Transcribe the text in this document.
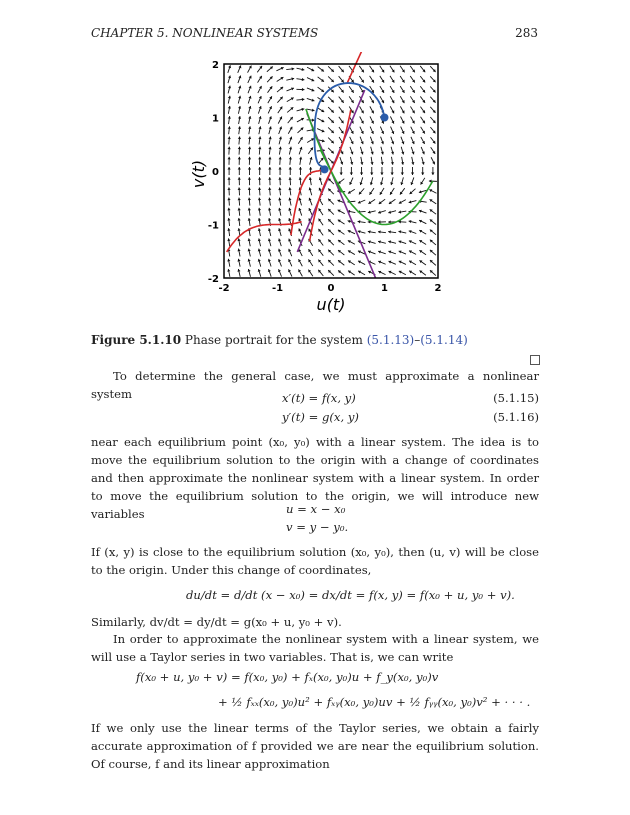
CHAPTER 5. NONLINEAR SYSTEMS	283
-2	-1	0	1	2
2
1
0
-1
-2
u(t)
v(t)
Figure 5.1.10 Phase portrait for the system (5.1.13)–(5.1.14)
To determine the general case, we must approximate a nonlinear system	x′(t) = f(x, y)	(5.1.15)
y′(t) = g(x, y)	(5.1.16)
near each equilibrium point (x₀, y₀) with a linear system. The idea is to move the equilibrium solution to the origin with a change of coordinates and then approximate the nonlinear system with a linear system. In order to move the equilibrium solution to the origin, we will introduce new variables	u = x − x₀
v = y − y₀.
If (x, y) is close to the equilibrium solution (x₀, y₀), then (u, v) will be close to the origin. Under this change of coordinates,
du/dt = d/dt (x − x₀) = dx/dt = f(x, y) = f(x₀ + u, y₀ + v).
Similarly, dv/dt = dy/dt = g(x₀ + u, y₀ + v).
In order to approximate the nonlinear system with a linear system, we will use a Taylor series in two variables. That is, we can write
f(x₀ + u, y₀ + v) = f(x₀, y₀) + fₓ(x₀, y₀)u + f_y(x₀, y₀)v
+ ½ fₓₓ(x₀, y₀)u² + fₓᵧ(x₀, y₀)uv + ½ fᵧᵧ(x₀, y₀)v² + · · · .
If we only use the linear terms of the Taylor series, we obtain a fairly accurate approximation of f provided we are near the equilibrium solution. Of course, f and its linear approximation
